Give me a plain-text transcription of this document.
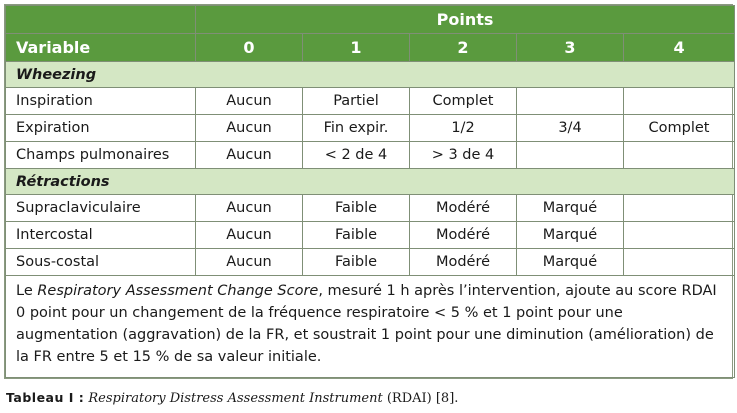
	Points				
Variable	0	1	2	3	4
Wheezing					
Inspiration	Aucun	Partiel	Complet		
Expiration	Aucun	Fin expir.	1/2	3/4	Complet
Champs pulmonaires	Aucun	< 2 de 4	> 3 de 4		
Rétractions					
Supraclaviculaire	Aucun	Faible	Modéré	Marqué	
Intercostal	Aucun	Faible	Modéré	Marqué	
Sous-costal	Aucun	Faible	Modéré	Marqué	
Le Respiratory Assessment Change Score, mesuré 1 h après l’intervention, ajoute au score RDAI 0 point pour un changement de la fréquence respiratoire < 5 % et 1 point pour une augmentation (aggravation) de la FR, et soustrait 1 point pour une diminution (amélioration) de la FR entre 5 et 15 % de sa valeur initiale.					
Tableau I : Respiratory Distress Assessment Instrument (RDAI) [8].
